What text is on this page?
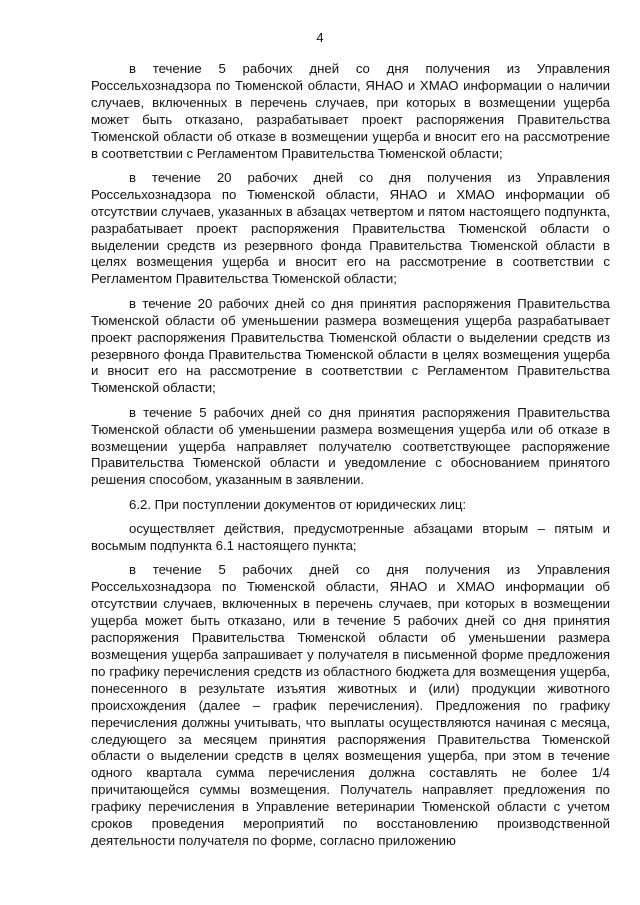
4

в течение 5 рабочих дней со дня получения из Управления Россельхознадзора по Тюменской области, ЯНАО и ХМАО информации о наличии случаев, включенных в перечень случаев, при которых в возмещении ущерба может быть отказано, разрабатывает проект распоряжения Правительства Тюменской области об отказе в возмещении ущерба и вносит его на рассмотрение в соответствии с Регламентом Правительства Тюменской области;

в течение 20 рабочих дней со дня получения из Управления Россельхознадзора по Тюменской области, ЯНАО и ХМАО информации об отсутствии случаев, указанных в абзацах четвертом и пятом настоящего подпункта, разрабатывает проект распоряжения Правительства Тюменской области о выделении средств из резервного фонда Правительства Тюменской области в целях возмещения ущерба и вносит его на рассмотрение в соответствии с Регламентом Правительства Тюменской области;

в течение 20 рабочих дней со дня принятия распоряжения Правительства Тюменской области об уменьшении размера возмещения ущерба разрабатывает проект распоряжения Правительства Тюменской области о выделении средств из резервного фонда Правительства Тюменской области в целях возмещения ущерба и вносит его на рассмотрение в соответствии с Регламентом Правительства Тюменской области;

в течение 5 рабочих дней со дня принятия распоряжения Правительства Тюменской области об уменьшении размера возмещения ущерба или об отказе в возмещении ущерба направляет получателю соответствующее распоряжение Правительства Тюменской области и уведомление с обоснованием принятого решения способом, указанным в заявлении.

6.2. При поступлении документов от юридических лиц:

осуществляет действия, предусмотренные абзацами вторым – пятым и восьмым подпункта 6.1 настоящего пункта;

в течение 5 рабочих дней со дня получения из Управления Россельхознадзора по Тюменской области, ЯНАО и ХМАО информации об отсутствии случаев, включенных в перечень случаев, при которых в возмещении ущерба может быть отказано, или в течение 5 рабочих дней со дня принятия распоряжения Правительства Тюменской области об уменьшении размера возмещения ущерба запрашивает у получателя в письменной форме предложения по графику перечисления средств из областного бюджета для возмещения ущерба, понесенного в результате изъятия животных и (или) продукции животного происхождения (далее – график перечисления). Предложения по графику перечисления должны учитывать, что выплаты осуществляются начиная с месяца, следующего за месяцем принятия распоряжения Правительства Тюменской области о выделении средств в целях возмещения ущерба, при этом в течение одного квартала сумма перечисления должна составлять не более 1/4 причитающейся суммы возмещения. Получатель направляет предложения по графику перечисления в Управление ветеринарии Тюменской области с учетом сроков проведения мероприятий по восстановлению производственной деятельности получателя по форме, согласно приложению
